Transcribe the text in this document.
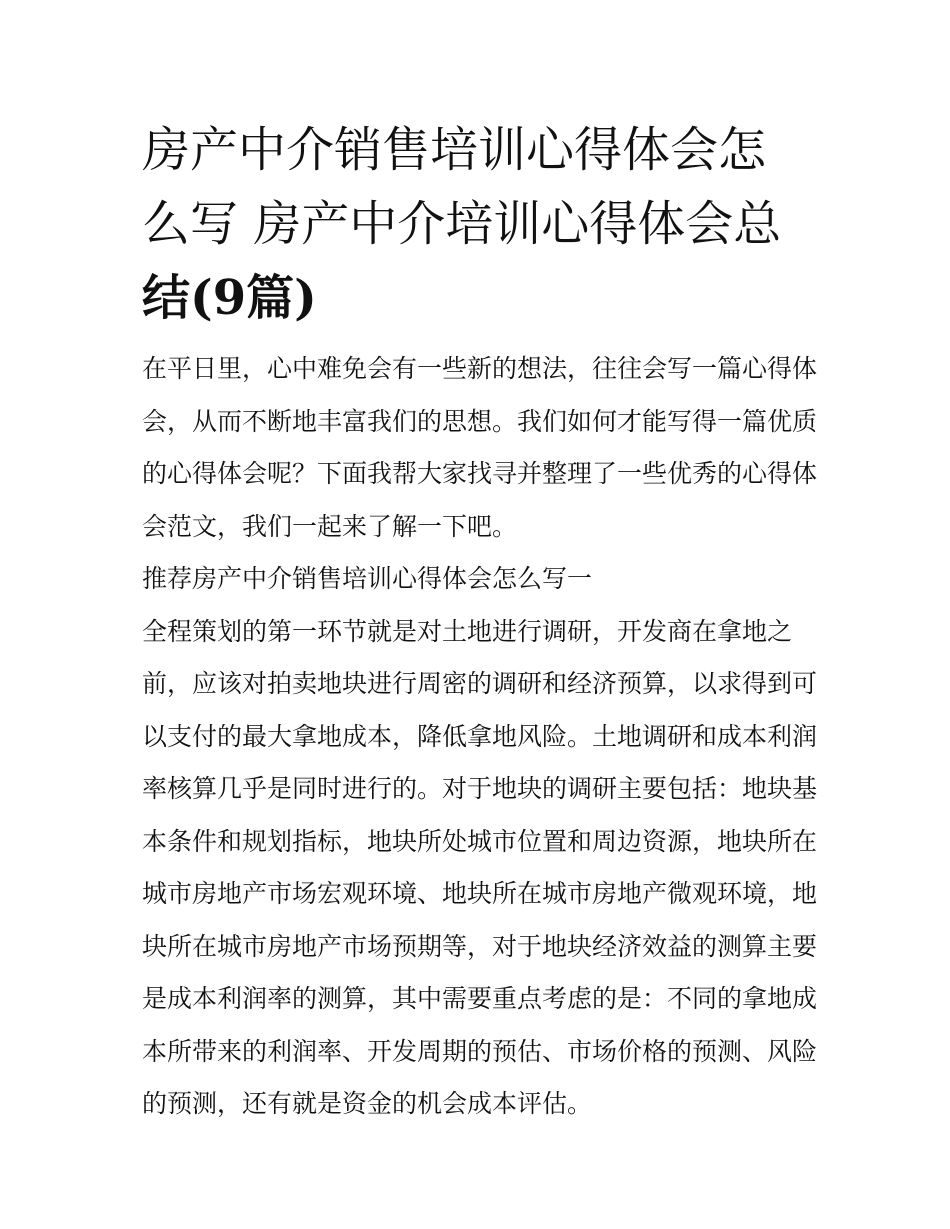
房产中介销售培训心得体会怎
么写 房产中介培训心得体会总
结(9篇)
在平日里，心中难免会有一些新的想法，往往会写一篇心得体
会，从而不断地丰富我们的思想。我们如何才能写得一篇优质
的心得体会呢？下面我帮大家找寻并整理了一些优秀的心得体
会范文，我们一起来了解一下吧。
推荐房产中介销售培训心得体会怎么写一
全程策划的第一环节就是对土地进行调研，开发商在拿地之
前，应该对拍卖地块进行周密的调研和经济预算，以求得到可
以支付的最大拿地成本，降低拿地风险。土地调研和成本利润
率核算几乎是同时进行的。对于地块的调研主要包括：地块基
本条件和规划指标，地块所处城市位置和周边资源，地块所在
城市房地产市场宏观环境、地块所在城市房地产微观环境，地
块所在城市房地产市场预期等，对于地块经济效益的测算主要
是成本利润率的测算，其中需要重点考虑的是：不同的拿地成
本所带来的利润率、开发周期的预估、市场价格的预测、风险
的预测，还有就是资金的机会成本评估。
